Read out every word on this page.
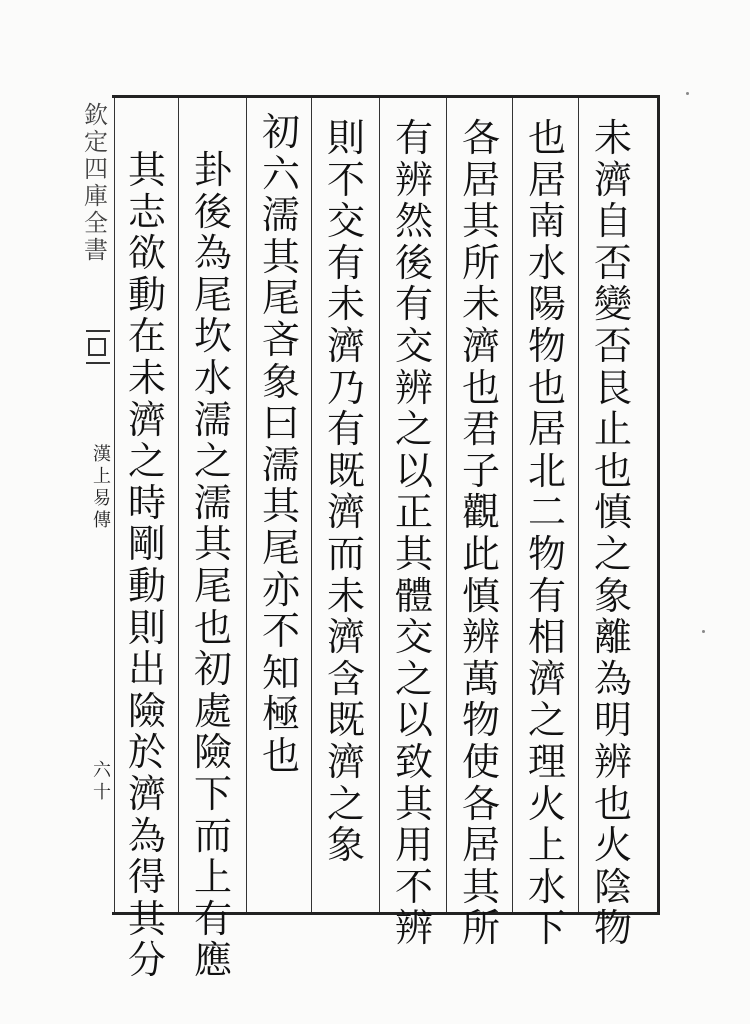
欽
定
四
庫
全
書
漢
上
易
傳
六十
未
濟
自
否
變
否
艮
止
也
慎
之
象
離
為
明
辨
也
火
陰
物
也
居
南
水
陽
物
也
居
北
二
物
有
相
濟
之
理
火
上
水
下
各
居
其
所
未
濟
也
君
子
觀
此
慎
辨
萬
物
使
各
居
其
所
有
辨
然
後
有
交
辨
之
以
正
其
體
交
之
以
致
其
用
不
辨
則
不
交
有
未
濟
乃
有
既
濟
而
未
濟
含
既
濟
之
象
初
六
濡
其
尾
吝
象
曰
濡
其
尾
亦
不
知
極
也
卦
後
為
尾
坎
水
濡
之
濡
其
尾
也
初
處
險
下
而
上
有
應
其
志
欲
動
在
未
濟
之
時
剛
動
則
出
險
於
濟
為
得
其
分
